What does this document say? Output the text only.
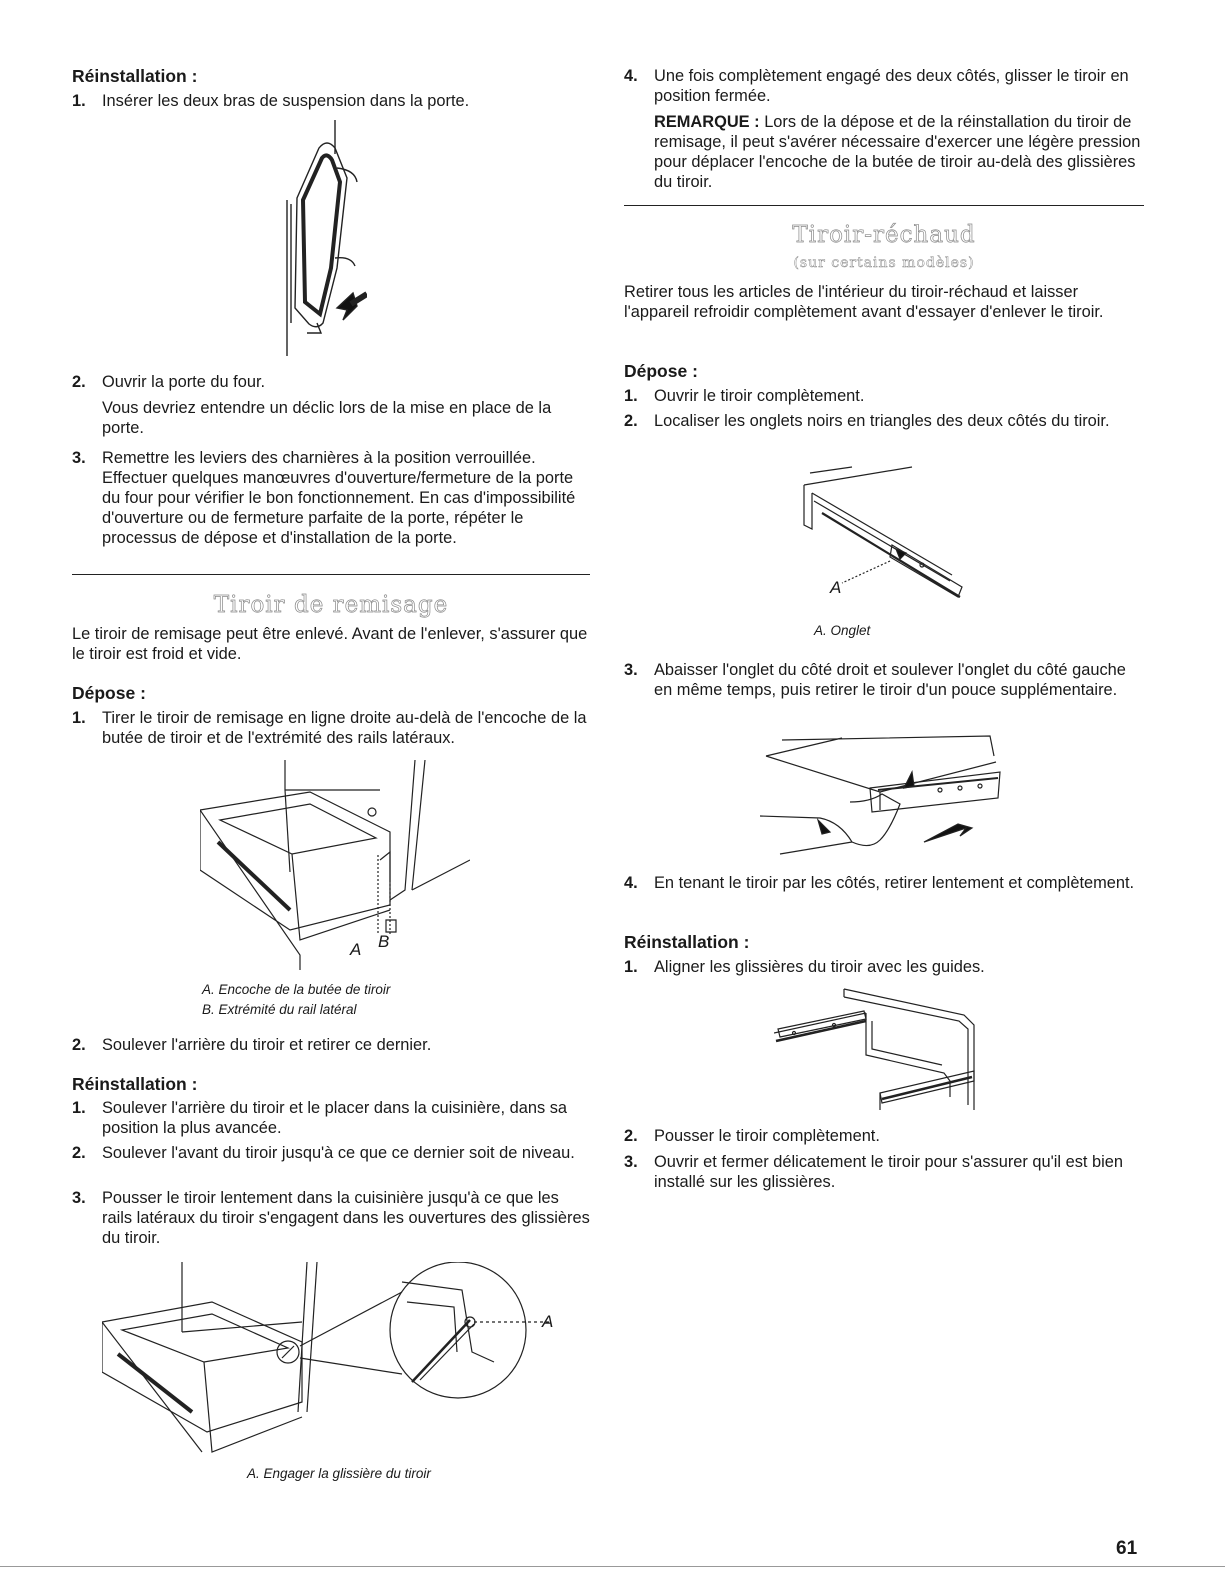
Réinstallation :
1. Insérer les deux bras de suspension dans la porte.
2. Ouvrir la porte du four.
Vous devriez entendre un déclic lors de la mise en place de la porte.
3. Remettre les leviers des charnières à la position verrouillée. Effectuer quelques manœuvres d'ouverture/fermeture de la porte du four pour vérifier le bon fonctionnement. En cas d'impossibilité d'ouverture ou de fermeture parfaite de la porte, répéter le processus de dépose et d'installation de la porte.
Tiroir de remisage
Le tiroir de remisage peut être enlevé. Avant de l'enlever, s'assurer que le tiroir est froid et vide.
Dépose :
1. Tirer le tiroir de remisage en ligne droite au-delà de l'encoche de la butée de tiroir et de l'extrémité des rails latéraux.
A B
A. Encoche de la butée de tiroir
B. Extrémité du rail latéral
2. Soulever l'arrière du tiroir et retirer ce dernier.
Réinstallation :
1. Soulever l'arrière du tiroir et le placer dans la cuisinière, dans sa position la plus avancée.
2. Soulever l'avant du tiroir jusqu'à ce que ce dernier soit de niveau.
3. Pousser le tiroir lentement dans la cuisinière jusqu'à ce que les rails latéraux du tiroir s'engagent dans les ouvertures des glissières du tiroir.
A
A. Engager la glissière du tiroir
4. Une fois complètement engagé des deux côtés, glisser le tiroir en position fermée.
REMARQUE : Lors de la dépose et de la réinstallation du tiroir de remisage, il peut s'avérer nécessaire d'exercer une légère pression pour déplacer l'encoche de la butée de tiroir au-delà des glissières du tiroir.
Tiroir-réchaud
(sur certains modèles)
Retirer tous les articles de l'intérieur du tiroir-réchaud et laisser l'appareil refroidir complètement avant d'essayer d'enlever le tiroir.
Dépose :
1. Ouvrir le tiroir complètement.
2. Localiser les onglets noirs en triangles des deux côtés du tiroir.
A
A. Onglet
3. Abaisser l'onglet du côté droit et soulever l'onglet du côté gauche en même temps, puis retirer le tiroir d'un pouce supplémentaire.
4. En tenant le tiroir par les côtés, retirer lentement et complètement.
Réinstallation :
1. Aligner les glissières du tiroir avec les guides.
2. Pousser le tiroir complètement.
3. Ouvrir et fermer délicatement le tiroir pour s'assurer qu'il est bien installé sur les glissières.
61
